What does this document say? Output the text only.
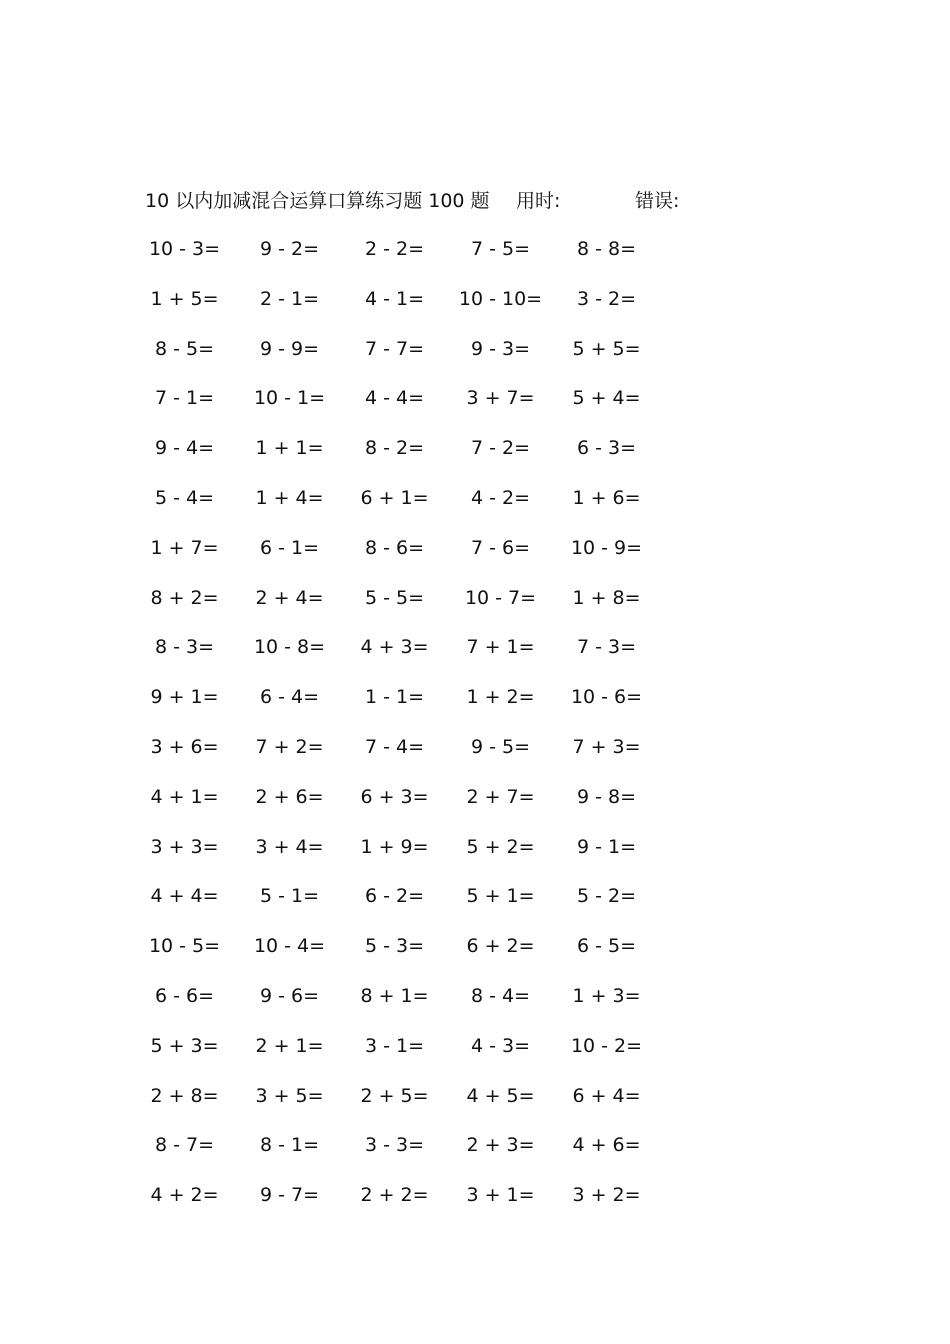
10 以内加减混合运算口算练习题 100 题 用时:	错误:
10 - 3=	9 - 2=	2 - 2=	7 - 5=	8 - 8=
1 + 5=	2 - 1=	4 - 1=	10 - 10=	3 - 2=
8 - 5=	9 - 9=	7 - 7=	9 - 3=	5 + 5=
7 - 1=	10 - 1=	4 - 4=	3 + 7=	5 + 4=
9 - 4=	1 + 1=	8 - 2=	7 - 2=	6 - 3=
5 - 4=	1 + 4=	6 + 1=	4 - 2=	1 + 6=
1 + 7=	6 - 1=	8 - 6=	7 - 6=	10 - 9=
8 + 2=	2 + 4=	5 - 5=	10 - 7=	1 + 8=
8 - 3=	10 - 8=	4 + 3=	7 + 1=	7 - 3=
9 + 1=	6 - 4=	1 - 1=	1 + 2=	10 - 6=
3 + 6=	7 + 2=	7 - 4=	9 - 5=	7 + 3=
4 + 1=	2 + 6=	6 + 3=	2 + 7=	9 - 8=
3 + 3=	3 + 4=	1 + 9=	5 + 2=	9 - 1=
4 + 4=	5 - 1=	6 - 2=	5 + 1=	5 - 2=
10 - 5=	10 - 4=	5 - 3=	6 + 2=	6 - 5=
6 - 6=	9 - 6=	8 + 1=	8 - 4=	1 + 3=
5 + 3=	2 + 1=	3 - 1=	4 - 3=	10 - 2=
2 + 8=	3 + 5=	2 + 5=	4 + 5=	6 + 4=
8 - 7=	8 - 1=	3 - 3=	2 + 3=	4 + 6=
4 + 2=	9 - 7=	2 + 2=	3 + 1=	3 + 2=
